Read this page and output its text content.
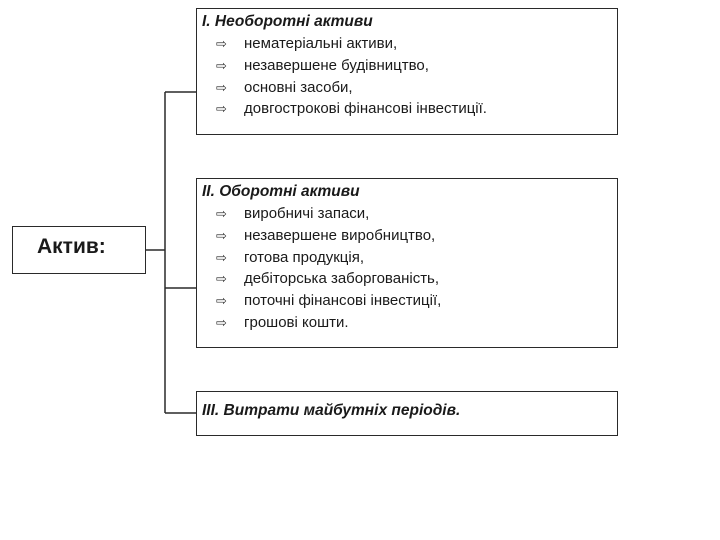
Актив:
І. Необоротні активи
⇨ нематеріальні активи,
⇨ незавершене будівництво,
⇨ основні засоби,
⇨ довгострокові фінансові інвестиції.
ІІ. Оборотні активи
⇨ виробничі запаси,
⇨ незавершене виробництво,
⇨ готова продукція,
⇨ дебіторська заборгованість,
⇨ поточні фінансові інвестиції,
⇨ грошові кошти.
ІІІ. Витрати майбутніх періодів.
